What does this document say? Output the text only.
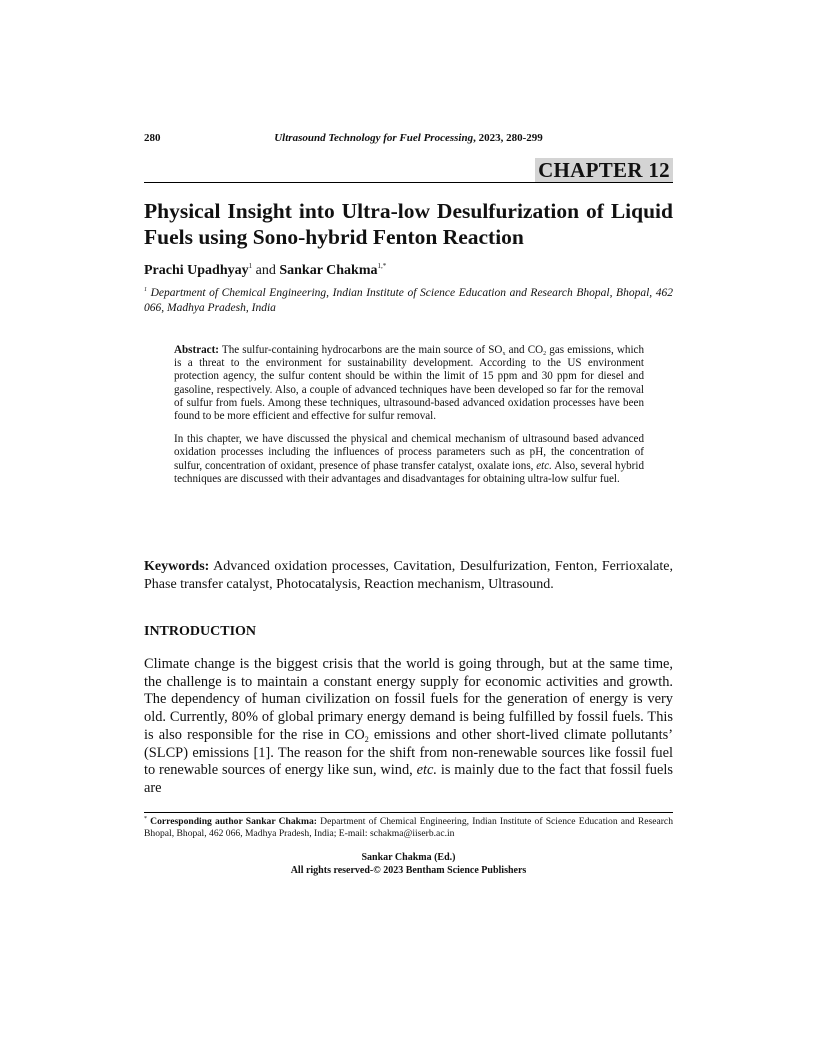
280	Ultrasound Technology for Fuel Processing, 2023, 280-299
CHAPTER 12
Physical Insight into Ultra-low Desulfurization of Liquid Fuels using Sono-hybrid Fenton Reaction
Prachi Upadhyay$^1$ and Sankar Chakma$^{1,*}$

$^1$ Department of Chemical Engineering, Indian Institute of Science Education and Research Bhopal, Bhopal, 462 066, Madhya Pradesh, India

Abstract: The sulfur-containing hydrocarbons are the main source of $SO_x$ and $CO_2$ gas emissions, which is a threat to the environment for sustainability development. According to the US environment protection agency, the sulfur content should be within the limit of 15 ppm and 30 ppm for diesel and gasoline, respectively. Also, a couple of advanced techniques have been developed so far for the removal of sulfur from fuels. Among these techniques, ultrasound-based advanced oxidation processes have been found to be more efficient and effective for sulfur removal.

In this chapter, we have discussed the physical and chemical mechanism of ultrasound based advanced oxidation processes including the influences of process parameters such as pH, the concentration of sulfur, concentration of oxidant, presence of phase transfer catalyst, oxalate ions, etc. Also, several hybrid techniques are discussed with their advantages and disadvantages for obtaining ultra-low sulfur fuel.

Keywords: Advanced oxidation processes, Cavitation, Desulfurization, Fenton, Ferrioxalate, Phase transfer catalyst, Photocatalysis, Reaction mechanism, Ultrasound.

INTRODUCTION

Climate change is the biggest crisis that the world is going through, but at the same time, the challenge is to maintain a constant energy supply for economic activities and growth. The dependency of human civilization on fossil fuels for the generation of energy is very old. Currently, 80% of global primary energy demand is being fulfilled by fossil fuels. This is also responsible for the rise in $CO_2$ emissions and other short-lived climate pollutants’ (SLCP) emissions [1]. The reason for the shift from non-renewable sources like fossil fuel to renewable sources of energy like sun, wind, etc. is mainly due to the fact that fossil fuels are

* Corresponding author Sankar Chakma: Department of Chemical Engineering, Indian Institute of Science Education and Research Bhopal, Bhopal, 462 066, Madhya Pradesh, India; E-mail: schakma@iiserb.ac.in

Sankar Chakma (Ed.)
All rights reserved-© 2023 Bentham Science Publishers
